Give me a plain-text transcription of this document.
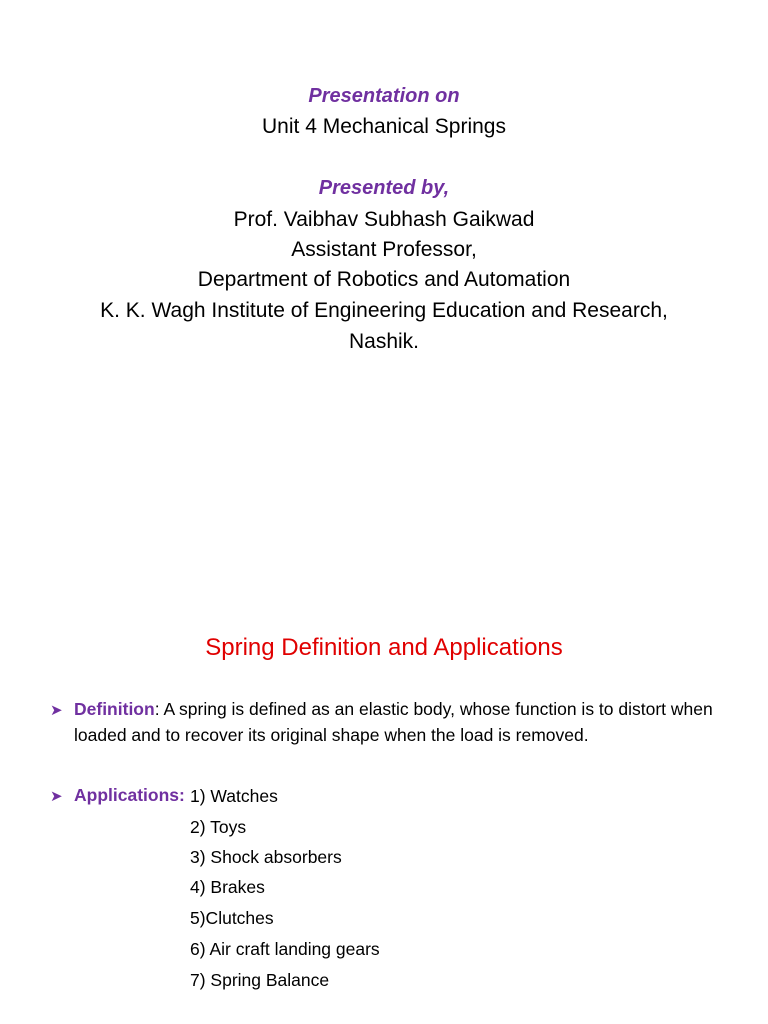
Presentation on
Unit 4 Mechanical Springs
Presented by,
Prof. Vaibhav Subhash Gaikwad
Assistant Professor,
Department of Robotics and Automation
K. K. Wagh Institute of Engineering Education and Research,
Nashik.
Spring Definition and Applications
➤ Definition: A spring is defined as an elastic body, whose function is to distort when
loaded and to recover its original shape when the load is removed.
➤ Applications: 1) Watches
2) Toys
3) Shock absorbers
4) Brakes
5)Clutches
6) Air craft landing gears
7) Spring Balance
